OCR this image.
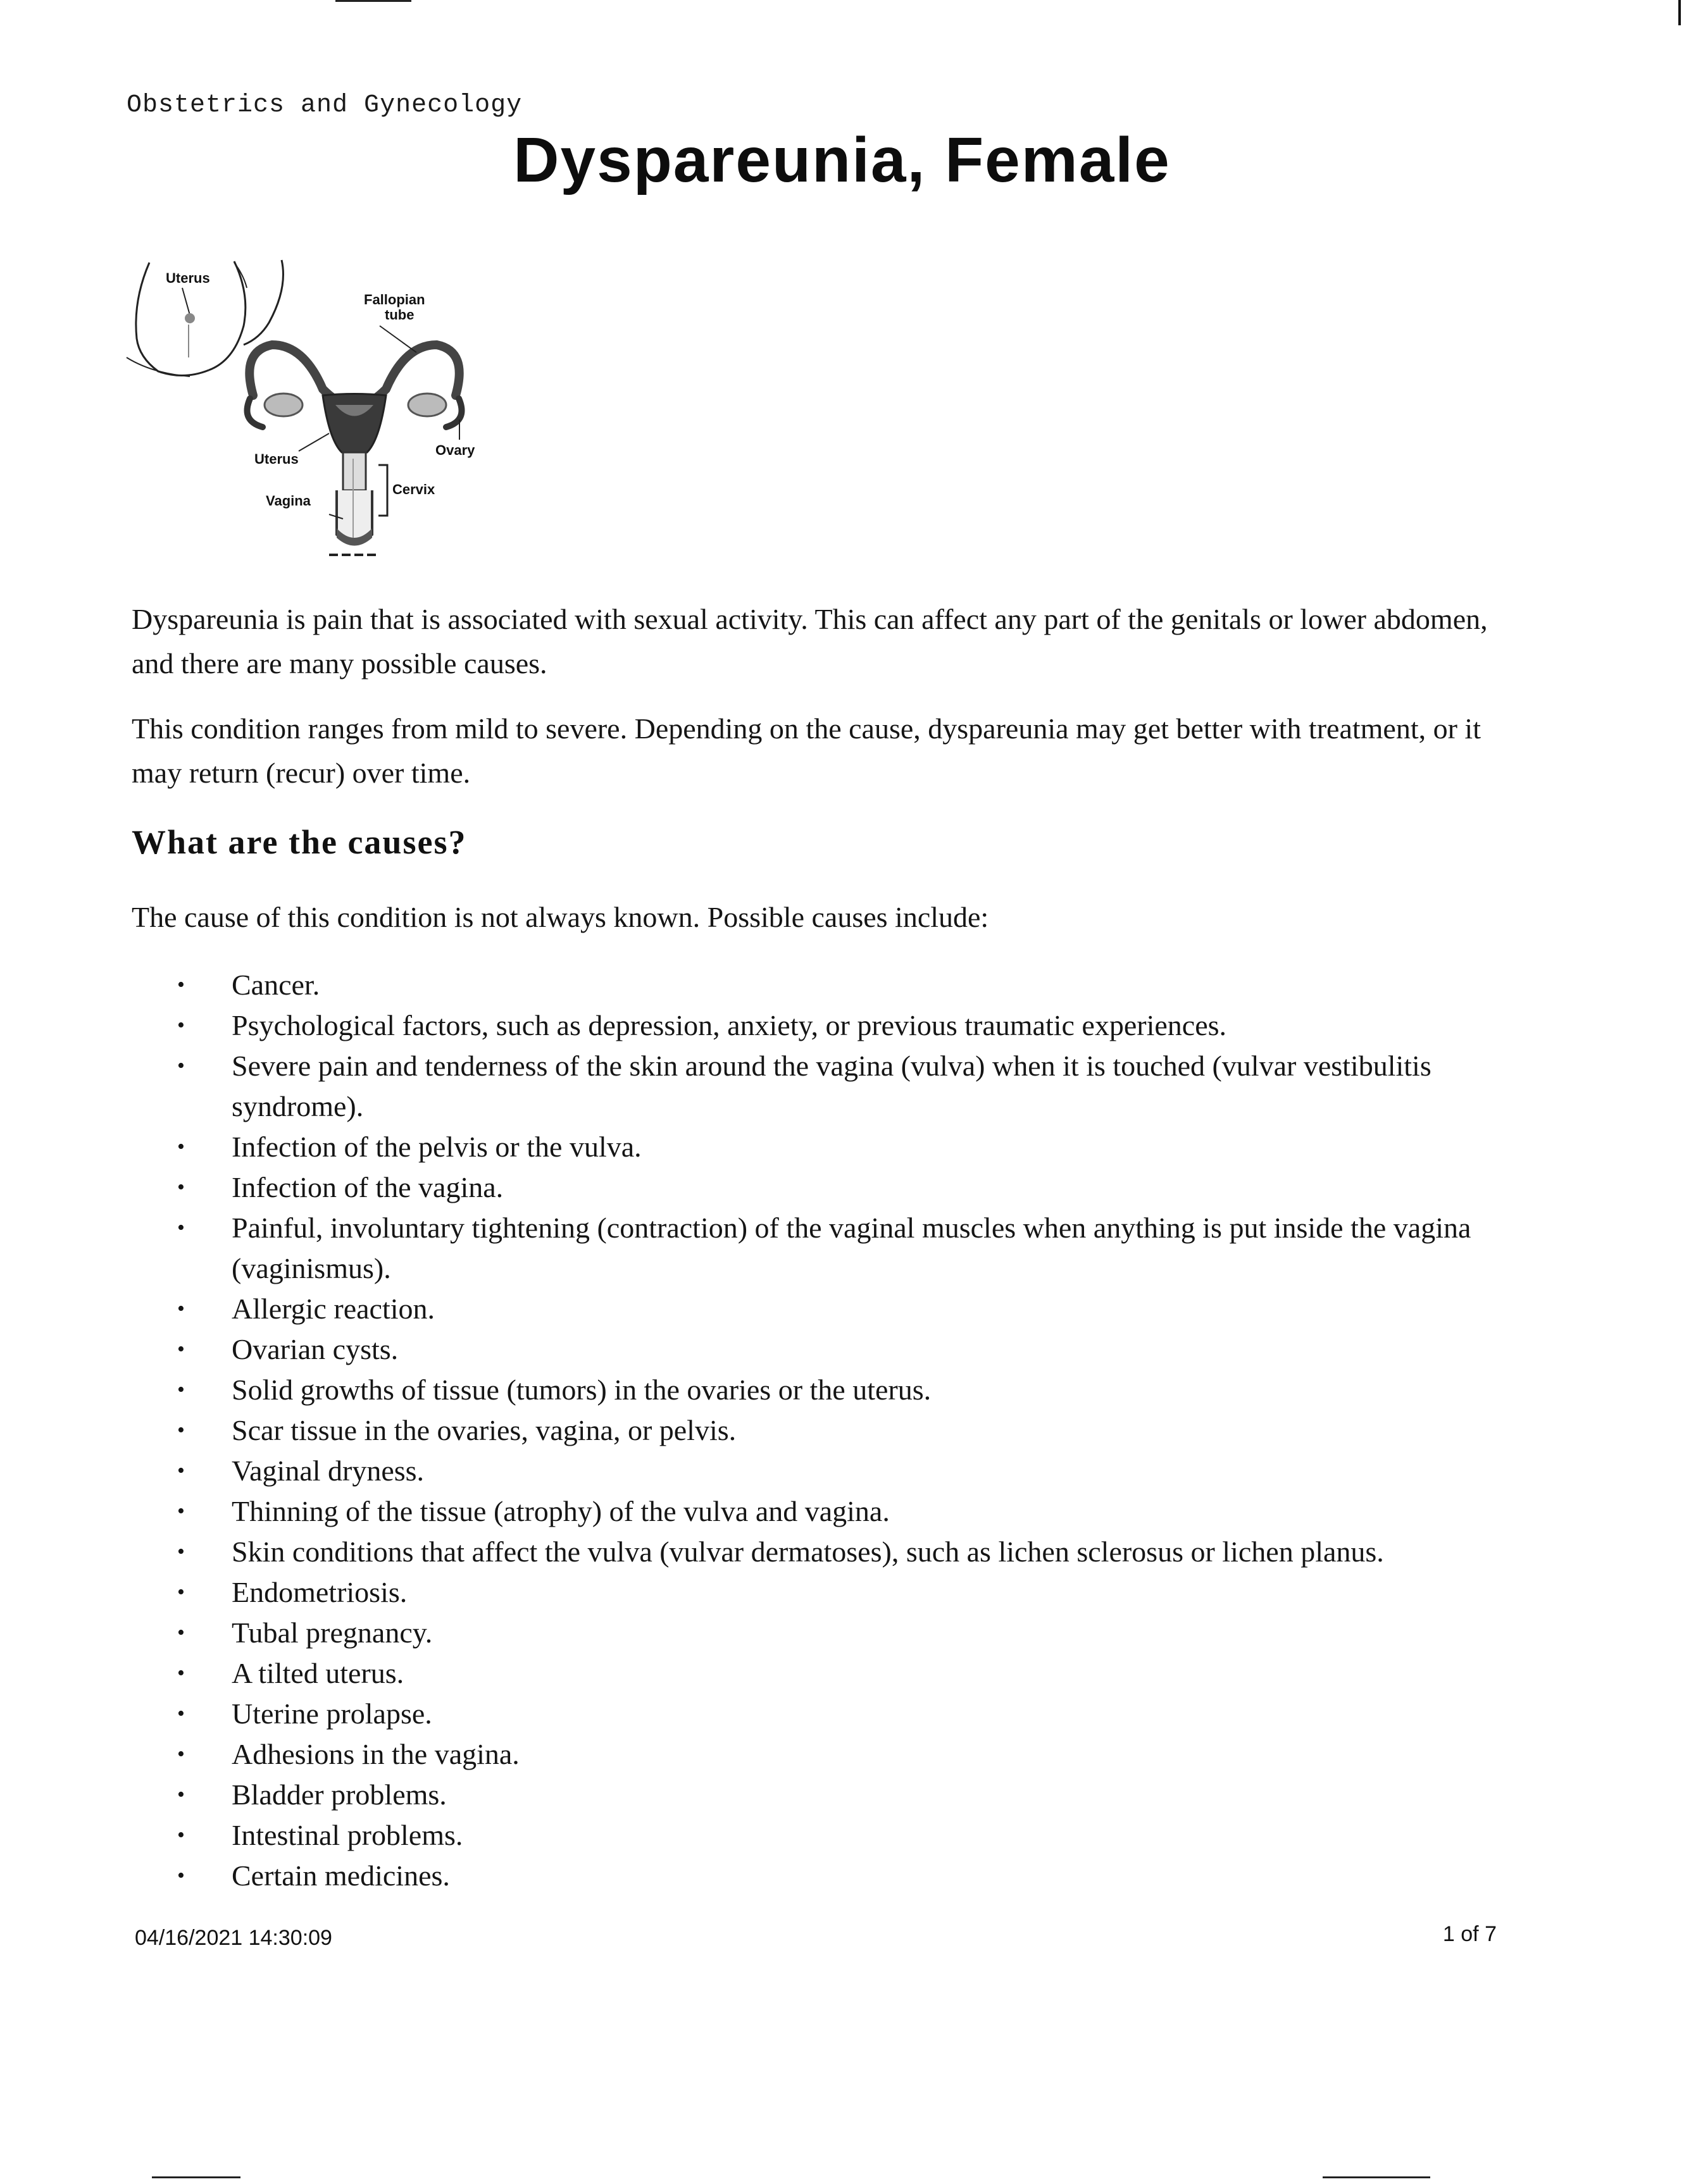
Obstetrics and Gynecology
Dyspareunia, Female
Uterus
Fallopian
tube
Ovary
Uterus
Cervix
Vagina

Dyspareunia is pain that is associated with sexual activity. This can affect any part of the genitals or lower abdomen, and there are many possible causes.

This condition ranges from mild to severe. Depending on the cause, dyspareunia may get better with treatment, or it may return (recur) over time.

What are the causes?

The cause of this condition is not always known. Possible causes include:

• Cancer.
• Psychological factors, such as depression, anxiety, or previous traumatic experiences.
• Severe pain and tenderness of the skin around the vagina (vulva) when it is touched (vulvar vestibulitis syndrome).
• Infection of the pelvis or the vulva.
• Infection of the vagina.
• Painful, involuntary tightening (contraction) of the vaginal muscles when anything is put inside the vagina (vaginismus).
• Allergic reaction.
• Ovarian cysts.
• Solid growths of tissue (tumors) in the ovaries or the uterus.
• Scar tissue in the ovaries, vagina, or pelvis.
• Vaginal dryness.
• Thinning of the tissue (atrophy) of the vulva and vagina.
• Skin conditions that affect the vulva (vulvar dermatoses), such as lichen sclerosus or lichen planus.
• Endometriosis.
• Tubal pregnancy.
• A tilted uterus.
• Uterine prolapse.
• Adhesions in the vagina.
• Bladder problems.
• Intestinal problems.
• Certain medicines.
04/16/2021 14:30:09	1 of 7
